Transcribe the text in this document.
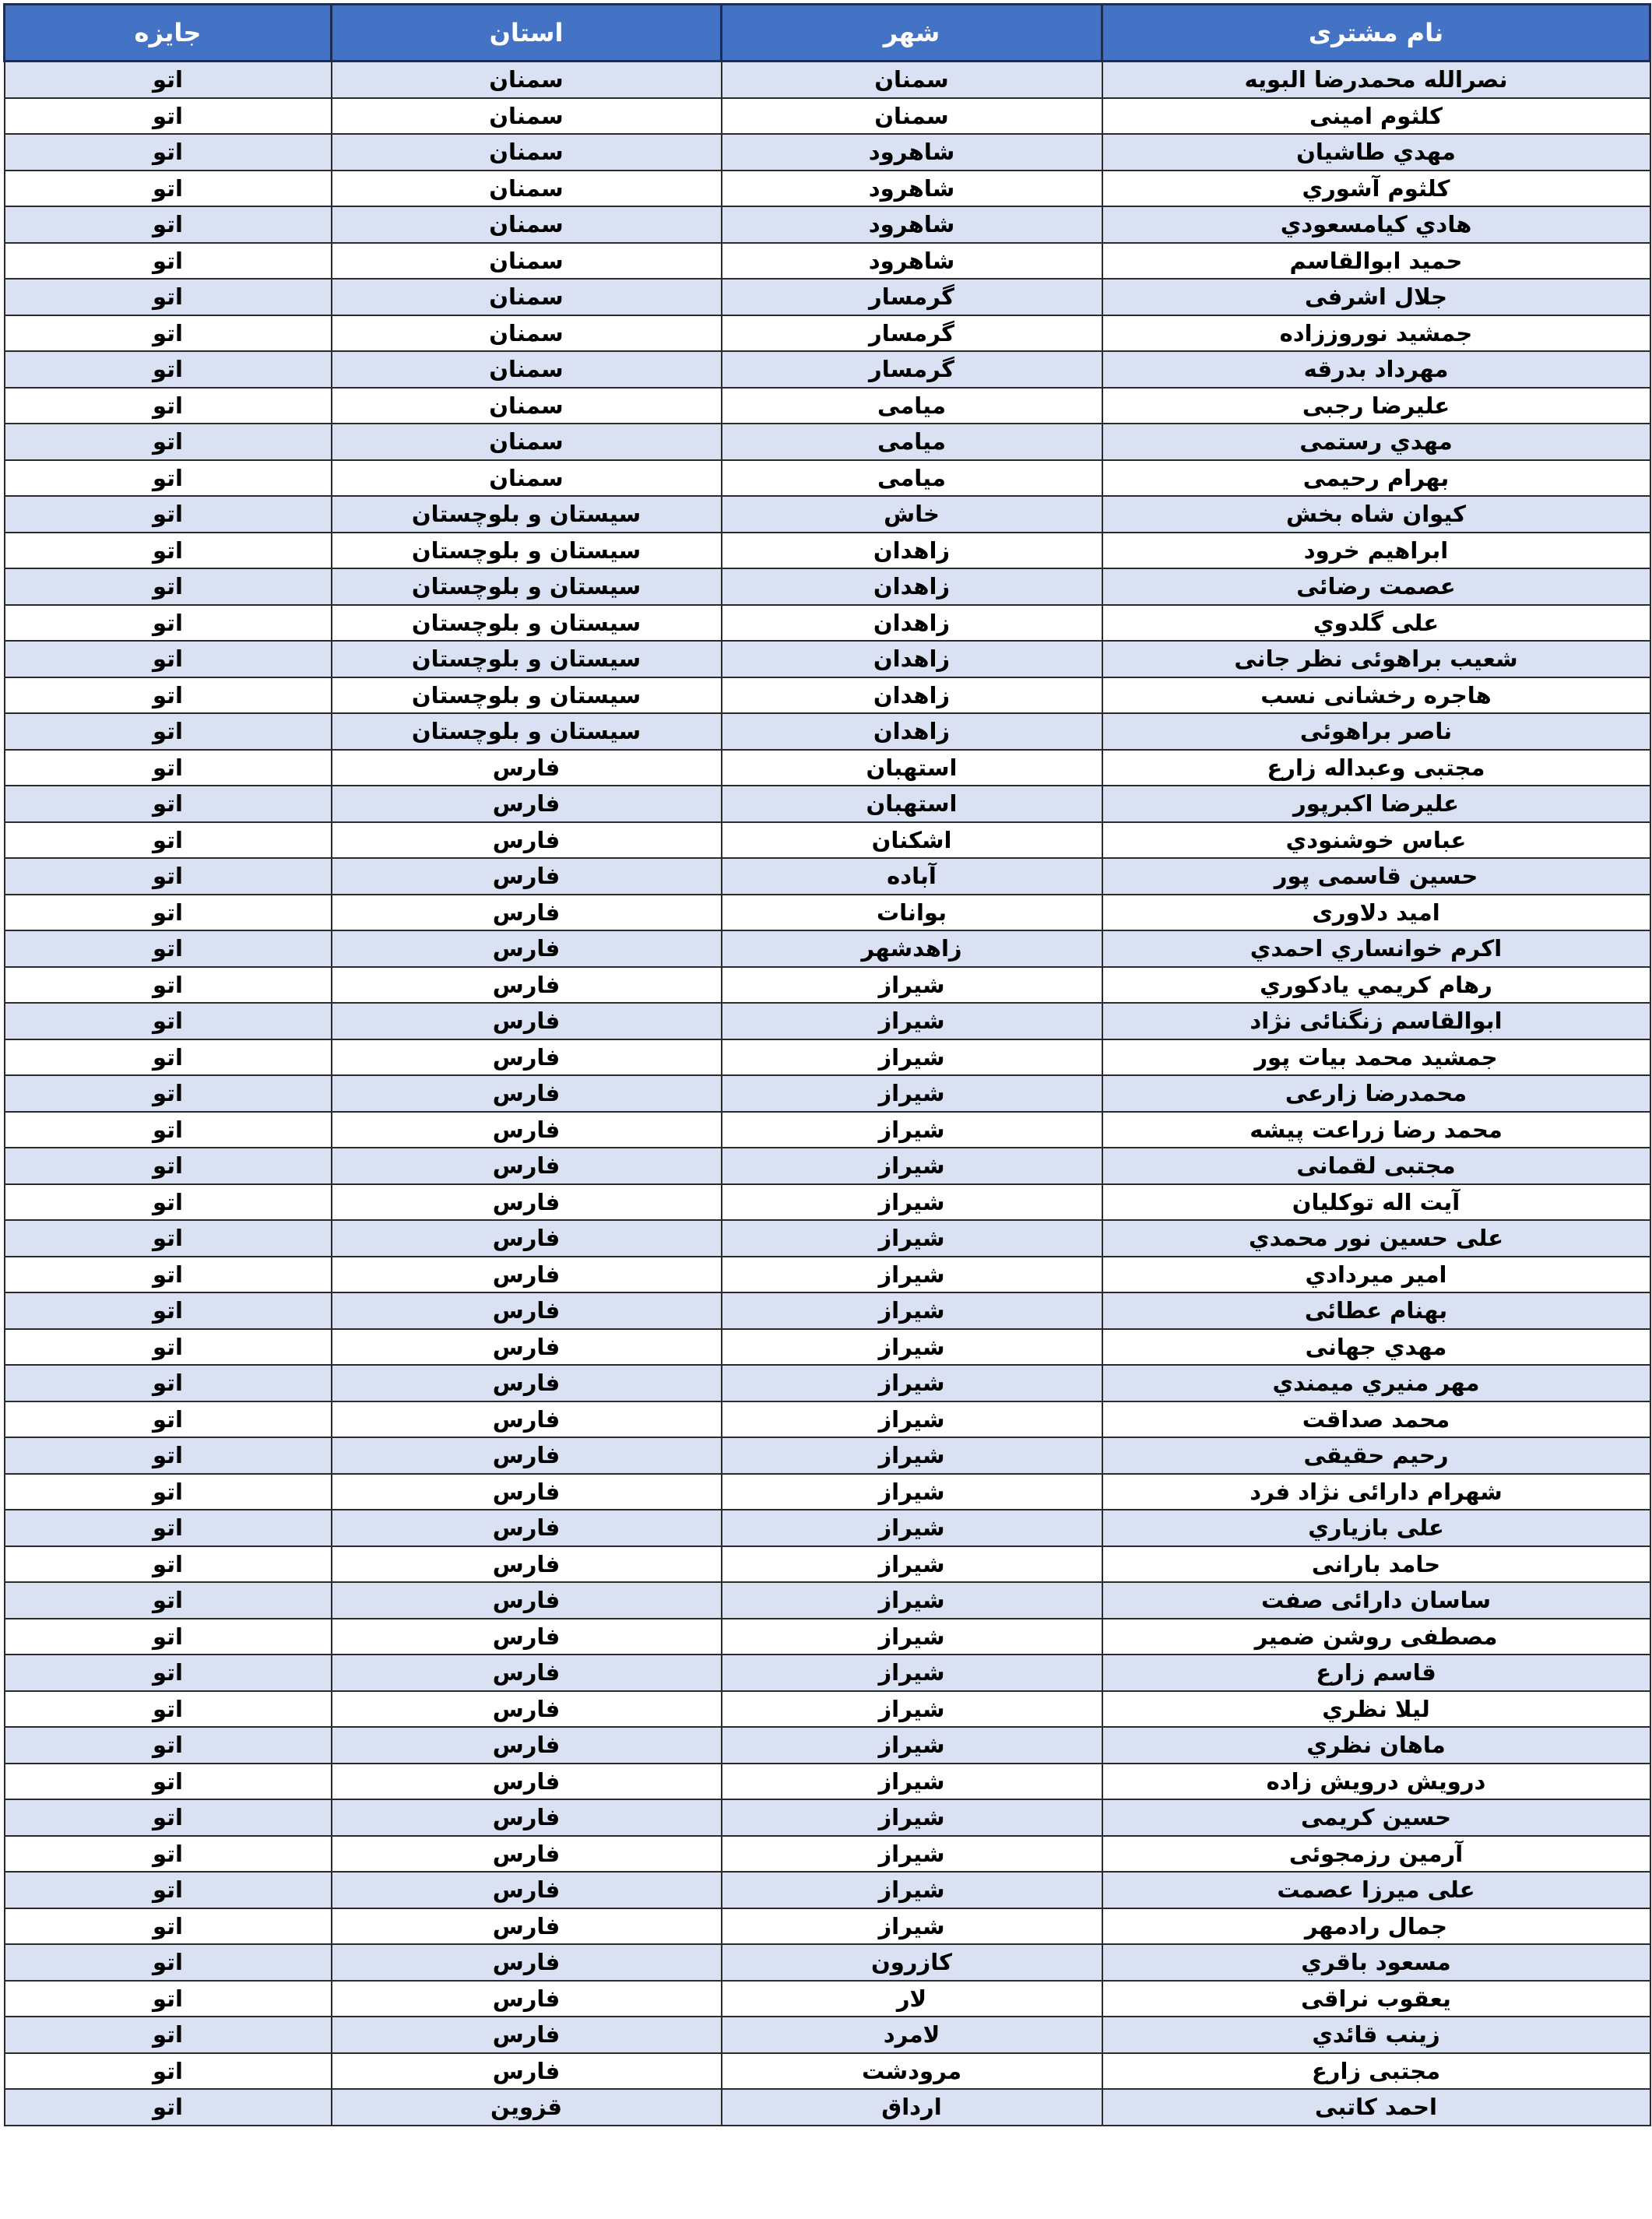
جایزه	استان	شهر	نام مشتری
اتو	سمنان	سمنان	نصرالله محمدرضا البويه
اتو	سمنان	سمنان	کلثوم امينی
اتو	سمنان	شاهرود	مهدي طاشيان
اتو	سمنان	شاهرود	کلثوم آشوري
اتو	سمنان	شاهرود	هادي کيامسعودي
اتو	سمنان	شاهرود	حميد ابوالقاسم
اتو	سمنان	گرمسار	جلال اشرفی
اتو	سمنان	گرمسار	جمشيد نوروززاده
اتو	سمنان	گرمسار	مهرداد بدرقه
اتو	سمنان	ميامی	عليرضا رجبی
اتو	سمنان	ميامی	مهدي رستمی
اتو	سمنان	ميامی	بهرام رحيمی
اتو	سيستان و بلوچستان	خاش	کيوان شاه بخش
اتو	سيستان و بلوچستان	زاهدان	ابراهيم خرود
اتو	سيستان و بلوچستان	زاهدان	عصمت رضائی
اتو	سيستان و بلوچستان	زاهدان	علی گلدوي
اتو	سيستان و بلوچستان	زاهدان	شعيب براهوئی نظر جانی
اتو	سيستان و بلوچستان	زاهدان	هاجره رخشانی نسب
اتو	سيستان و بلوچستان	زاهدان	ناصر براهوئی
اتو	فارس	استهبان	مجتبی وعبداله زارع
اتو	فارس	استهبان	عليرضا اکبرپور
اتو	فارس	اشکنان	عباس خوشنودي
اتو	فارس	آباده	حسين قاسمی پور
اتو	فارس	بوانات	اميد دلاوری
اتو	فارس	زاهدشهر	اکرم خوانساري احمدي
اتو	فارس	شيراز	رهام کريمي يادکوري
اتو	فارس	شيراز	ابوالقاسم زنگنائی نژاد
اتو	فارس	شيراز	جمشيد محمد بيات پور
اتو	فارس	شيراز	محمدرضا زارعی
اتو	فارس	شيراز	محمد رضا زراعت پيشه
اتو	فارس	شيراز	مجتبی لقمانی
اتو	فارس	شيراز	آيت اله توکليان
اتو	فارس	شيراز	علی حسين نور محمدي
اتو	فارس	شيراز	امير ميردادي
اتو	فارس	شيراز	بهنام عطائی
اتو	فارس	شيراز	مهدي جهانی
اتو	فارس	شيراز	مهر منيري ميمندي
اتو	فارس	شيراز	محمد صداقت
اتو	فارس	شيراز	رحيم حقيقی
اتو	فارس	شيراز	شهرام دارائی نژاد فرد
اتو	فارس	شيراز	علی بازياري
اتو	فارس	شيراز	حامد بارانی
اتو	فارس	شيراز	ساسان دارائی صفت
اتو	فارس	شيراز	مصطفی روشن ضمير
اتو	فارس	شيراز	قاسم زارع
اتو	فارس	شيراز	ليلا نظري
اتو	فارس	شيراز	ماهان نظري
اتو	فارس	شيراز	درويش درويش زاده
اتو	فارس	شيراز	حسين کريمی
اتو	فارس	شيراز	آرمين رزمجوئی
اتو	فارس	شيراز	علی ميرزا عصمت
اتو	فارس	شيراز	جمال رادمهر
اتو	فارس	کازرون	مسعود باقري
اتو	فارس	لار	يعقوب نراقی
اتو	فارس	لامرد	زينب قائدي
اتو	فارس	مرودشت	مجتبی زارع
اتو	قزوين	ارداق	احمد کاتبی
